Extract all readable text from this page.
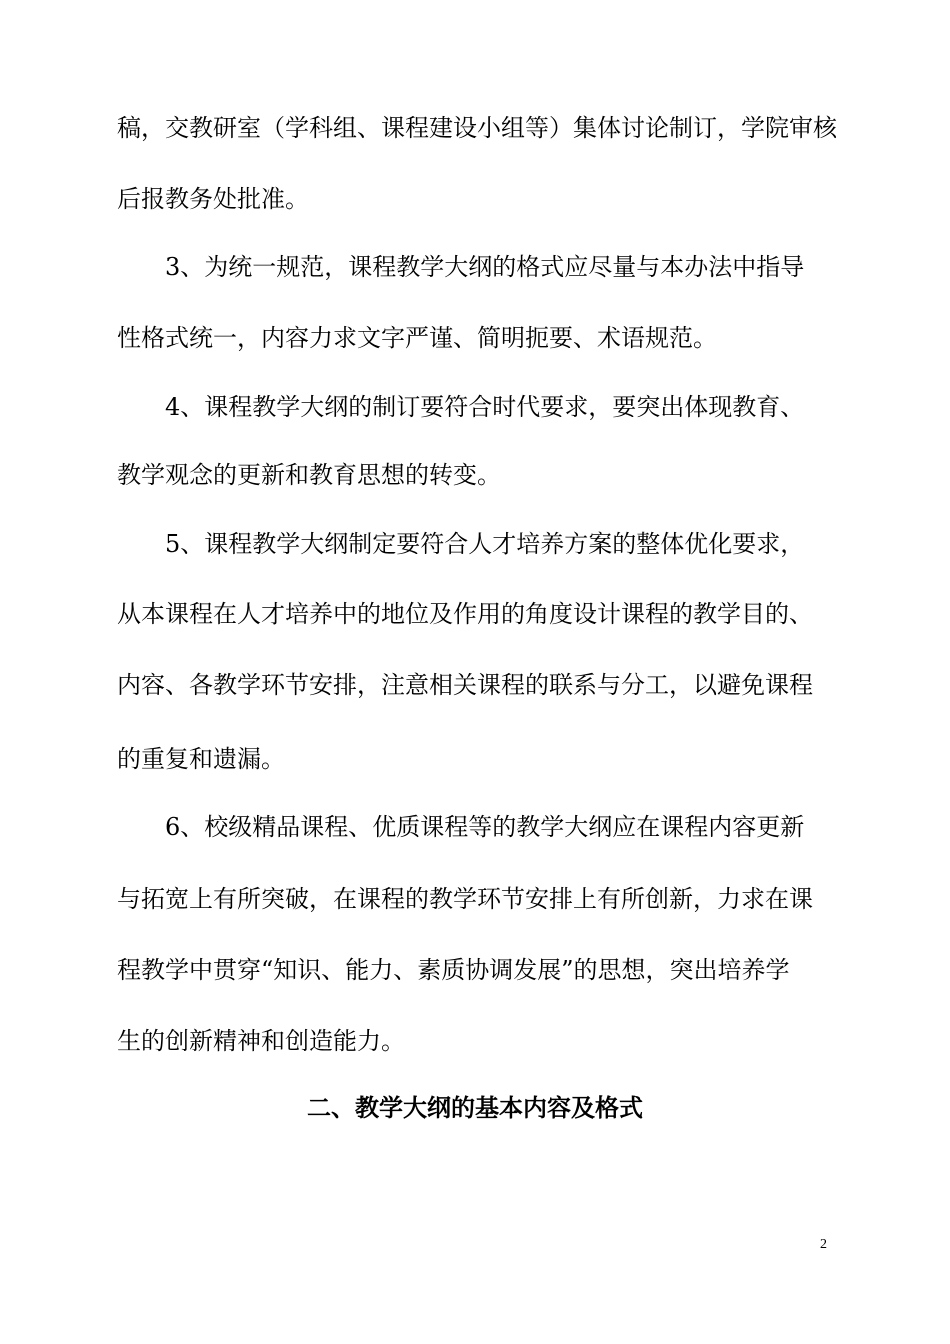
稿，交教研室（学科组、课程建设小组等）集体讨论制订，学院审核
后报教务处批准。
3、为统一规范，课程教学大纲的格式应尽量与本办法中指导
性格式统一，内容力求文字严谨、简明扼要、术语规范。
4、课程教学大纲的制订要符合时代要求，要突出体现教育、
教学观念的更新和教育思想的转变。
5、课程教学大纲制定要符合人才培养方案的整体优化要求，
从本课程在人才培养中的地位及作用的角度设计课程的教学目的、
内容、各教学环节安排，注意相关课程的联系与分工，以避免课程
的重复和遗漏。
6、校级精品课程、优质课程等的教学大纲应在课程内容更新
与拓宽上有所突破，在课程的教学环节安排上有所创新，力求在课
程教学中贯穿“知识、能力、素质协调发展”的思想，突出培养学
生的创新精神和创造能力。
二、教学大纲的基本内容及格式
2
